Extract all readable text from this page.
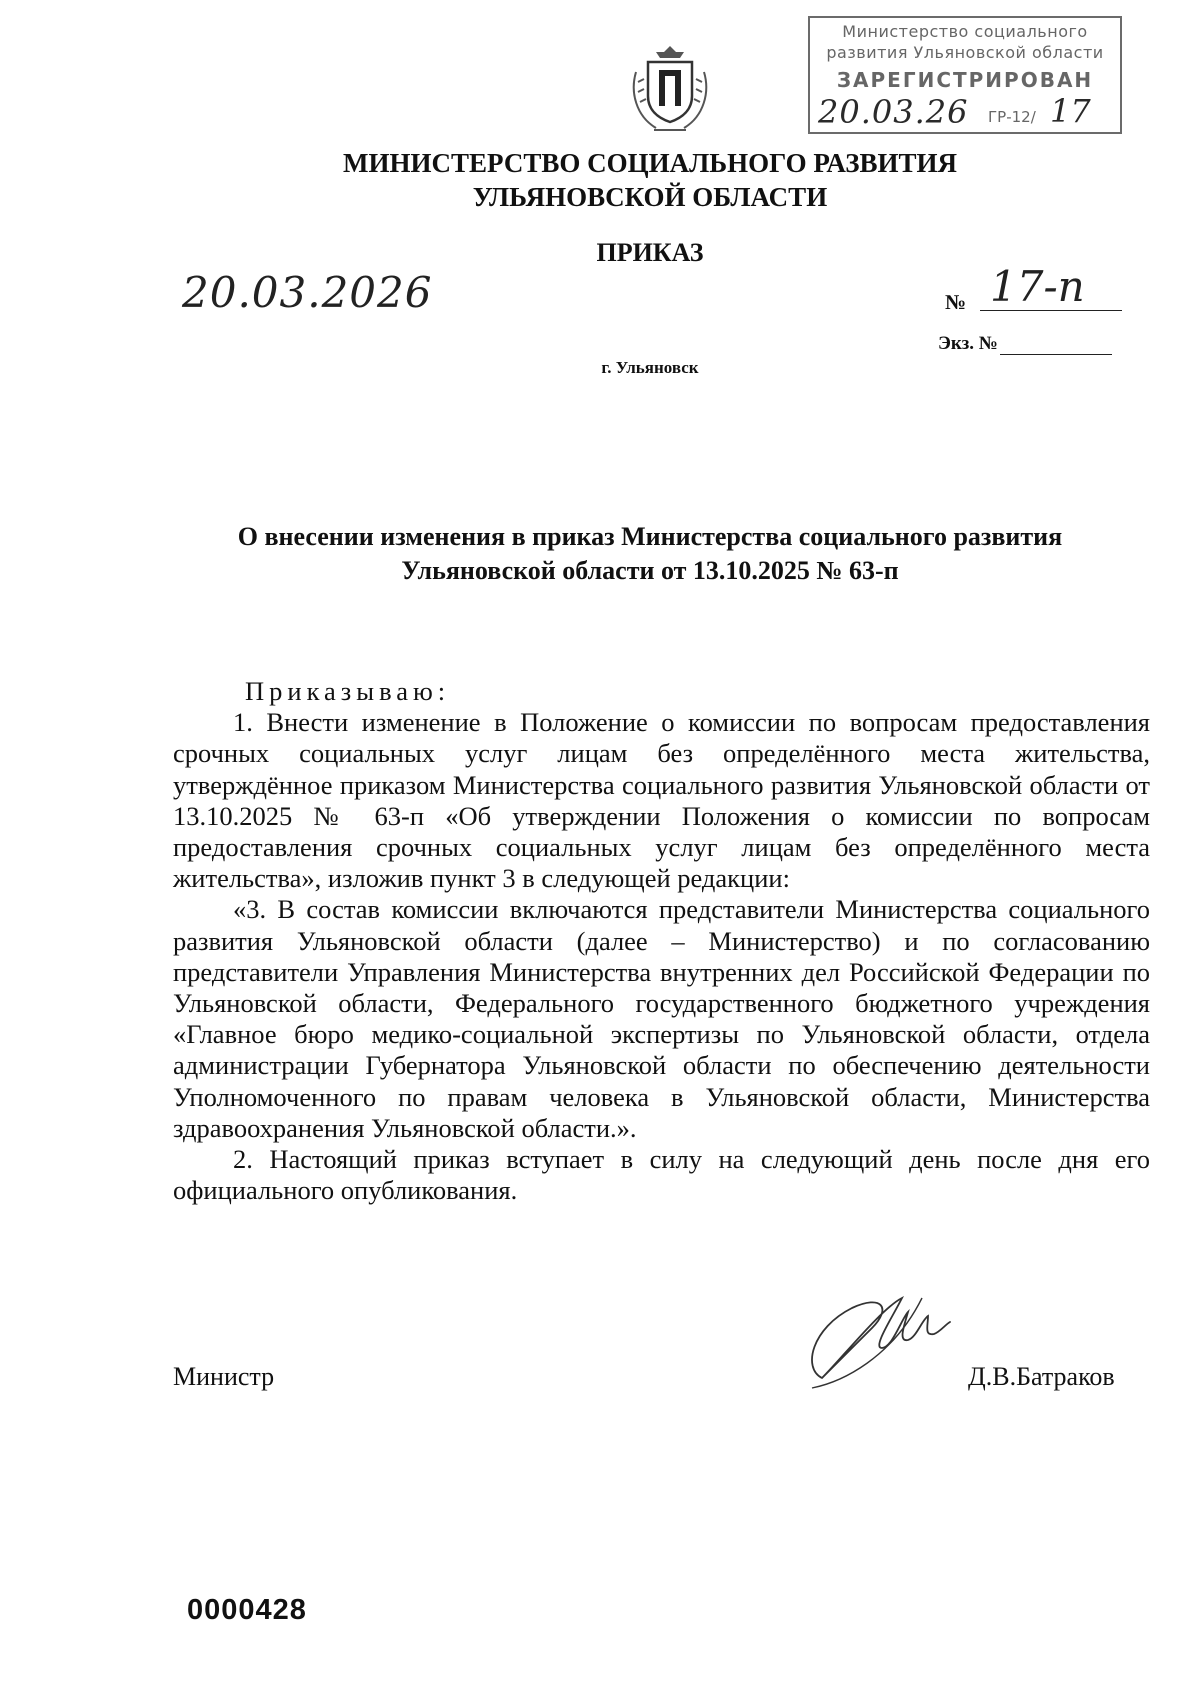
Министерство социального
развития Ульяновской области
ЗАРЕГИСТРИРОВАН
20.03.26 ГР-12/ 17
МИНИСТЕРСТВО СОЦИАЛЬНОГО РАЗВИТИЯ
УЛЬЯНОВСКОЙ ОБЛАСТИ
ПРИКАЗ
20.03.2026	№ 17-п
Экз. №
г. Ульяновск
О внесении изменения в приказ Министерства социального развития
Ульяновской области от 13.10.2025 № 63-п

Приказываю:

1. Внести изменение в Положение о комиссии по вопросам предоставления срочных социальных услуг лицам без определённого места жительства, утверждённое приказом Министерства социального развития Ульяновской области от 13.10.2025 № 63-п «Об утверждении Положения о комиссии по вопросам предоставления срочных социальных услуг лицам без определённого места жительства», изложив пункт 3 в следующей редакции:

«3. В состав комиссии включаются представители Министерства социального развития Ульяновской области (далее – Министерство) и по согласованию представители Управления Министерства внутренних дел Российской Федерации по Ульяновской области, Федерального государственного бюджетного учреждения «Главное бюро медико-социальной экспертизы по Ульяновской области, отдела администрации Губернатора Ульяновской области по обеспечению деятельности Уполномоченного по правам человека в Ульяновской области, Министерства здравоохранения Ульяновской области.».

2. Настоящий приказ вступает в силу на следующий день после дня его официального опубликования.

Министр	Д.В.Батраков
0000428
